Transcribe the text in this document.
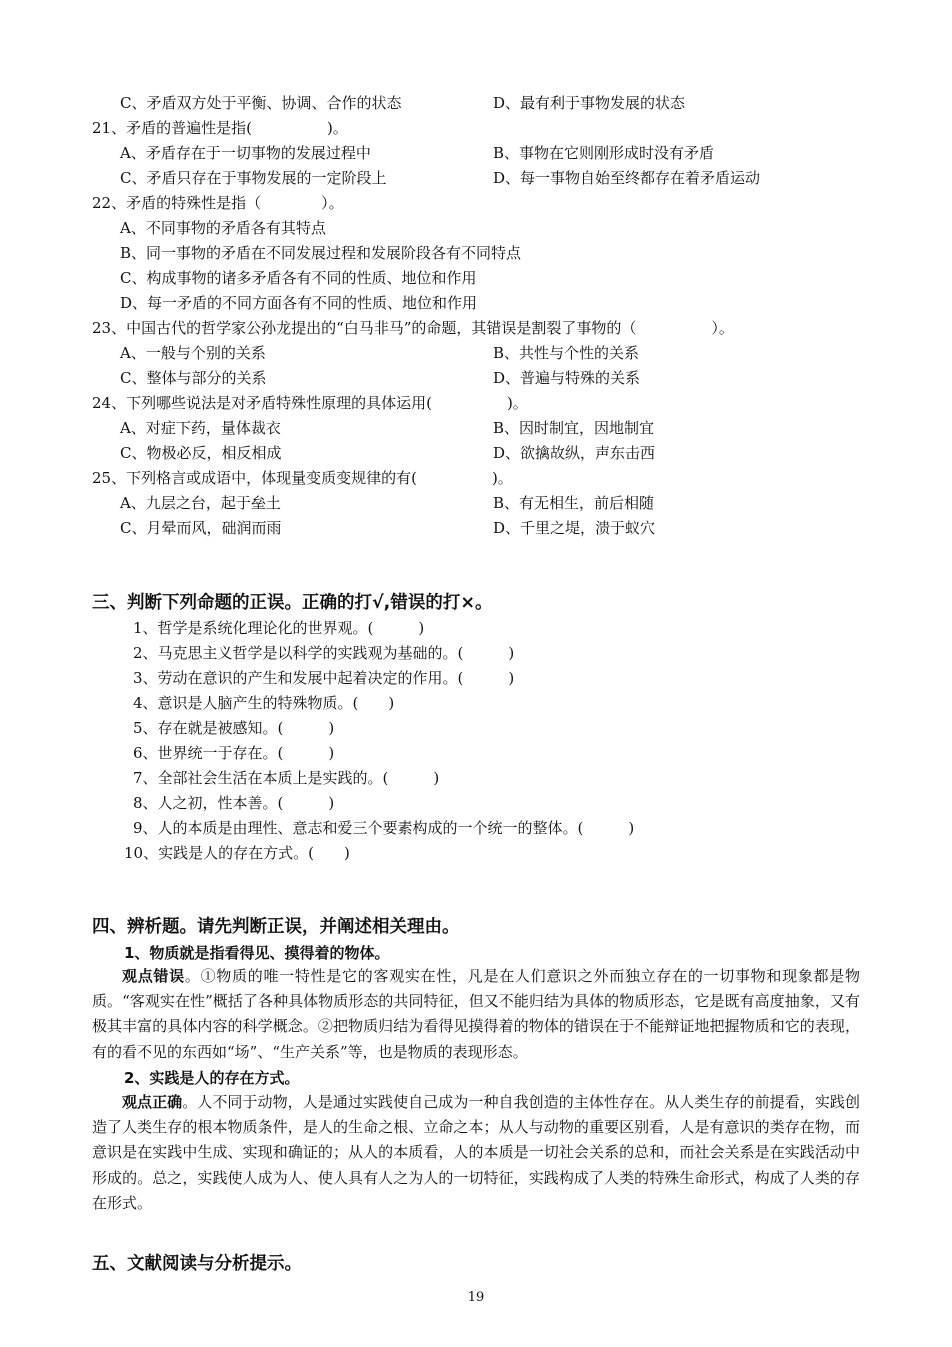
C、矛盾双方处于平衡、协调、合作的状态	D、最有利于事物发展的状态
21、矛盾的普遍性是指(　　　　　)。
A、矛盾存在于一切事物的发展过程中	B、事物在它则刚形成时没有矛盾
C、矛盾只存在于事物发展的一定阶段上	D、每一事物自始至终都存在着矛盾运动
22、矛盾的特殊性是指（　　　　）。
A、不同事物的矛盾各有其特点
B、同一事物的矛盾在不同发展过程和发展阶段各有不同特点
C、构成事物的诸多矛盾各有不同的性质、地位和作用
D、每一矛盾的不同方面各有不同的性质、地位和作用
23、中国古代的哲学家公孙龙提出的“白马非马”的命题，其错误是割裂了事物的（　　　　　）。
A、一般与个别的关系	B、共性与个性的关系
C、整体与部分的关系	D、普遍与特殊的关系
24、下列哪些说法是对矛盾特殊性原理的具体运用(　　　　　)。
A、对症下药，量体裁衣	B、因时制宜，因地制宜
C、物极必反，相反相成	D、欲擒故纵，声东击西
25、下列格言或成语中，体现量变质变规律的有(　　　　　)。
A、九层之台，起于垒土	B、有无相生，前后相随
C、月晕而风，础润而雨	D、千里之堤，溃于蚁穴
三、判断下列命题的正误。正确的打√,错误的打×。
1、哲学是系统化理论化的世界观。(　　　)
2、马克思主义哲学是以科学的实践观为基础的。(　　　)
3、劳动在意识的产生和发展中起着决定的作用。(　　　)
4、意识是人脑产生的特殊物质。(　　)
5、存在就是被感知。(　　　)
6、世界统一于存在。(　　　)
7、全部社会生活在本质上是实践的。(　　　)
8、人之初，性本善。(　　　)
9、人的本质是由理性、意志和爱三个要素构成的一个统一的整体。(　　　)
10、实践是人的存在方式。(　　)
四、辨析题。请先判断正误，并阐述相关理由。
1、物质就是指看得见、摸得着的物体。

观点错误。①物质的唯一特性是它的客观实在性，凡是在人们意识之外而独立存在的一切事物和现象都是物质。“客观实在性”概括了各种具体物质形态的共同特征，但又不能归结为具体的物质形态，它是既有高度抽象，又有极其丰富的具体内容的科学概念。②把物质归结为看得见摸得着的物体的错误在于不能辩证地把握物质和它的表现，有的看不见的东西如“场”、“生产关系”等，也是物质的表现形态。

2、实践是人的存在方式。

观点正确。人不同于动物，人是通过实践使自己成为一种自我创造的主体性存在。从人类生存的前提看，实践创造了人类生存的根本物质条件，是人的生命之根、立命之本；从人与动物的重要区别看，人是有意识的类存在物，而意识是在实践中生成、实现和确证的；从人的本质看，人的本质是一切社会关系的总和，而社会关系是在实践活动中形成的。总之，实践使人成为人、使人具有人之为人的一切特征，实践构成了人类的特殊生命形式，构成了人类的存在形式。

五、文献阅读与分析提示。
19
